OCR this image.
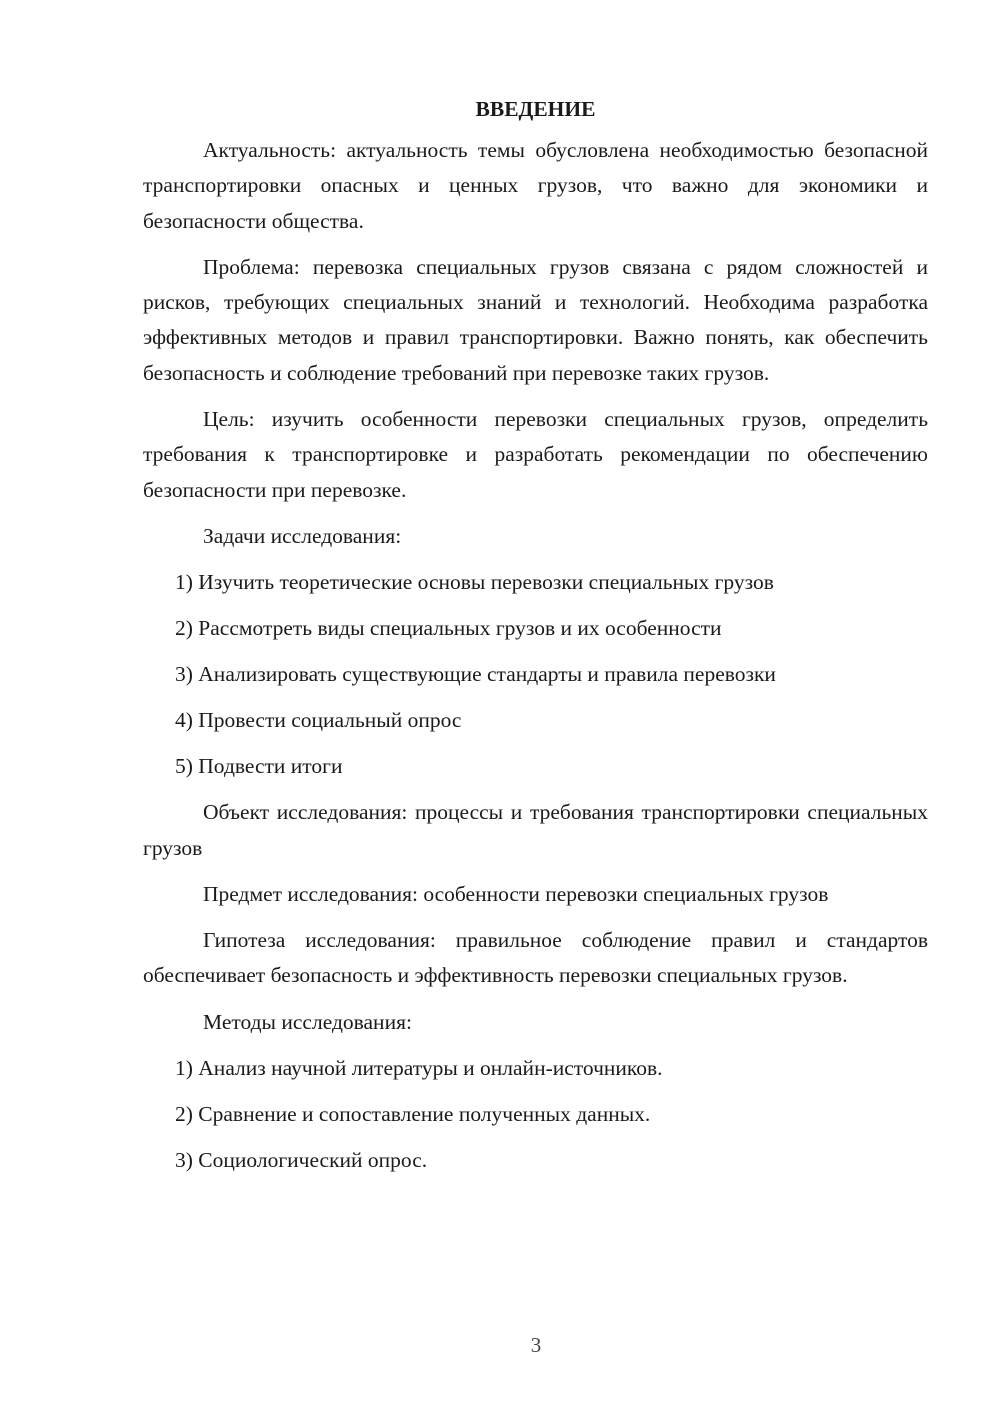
ВВЕДЕНИЕ

Актуальность: актуальность темы обусловлена необходимостью безопасной транспортировки опасных и ценных грузов, что важно для экономики и безопасности общества.

Проблема: перевозка специальных грузов связана с рядом сложностей и рисков, требующих специальных знаний и технологий. Необходима разработка эффективных методов и правил транспортировки. Важно понять, как обеспечить безопасность и соблюдение требований при перевозке таких грузов.

Цель: изучить особенности перевозки специальных грузов, определить требования к транспортировке и разработать рекомендации по обеспечению безопасности при перевозке.

Задачи исследования:

1) Изучить теоретические основы перевозки специальных грузов

2) Рассмотреть виды специальных грузов и их особенности

3) Анализировать существующие стандарты и правила перевозки

4) Провести социальный опрос

5) Подвести итоги

Объект исследования: процессы и требования транспортировки специальных грузов

Предмет исследования: особенности перевозки специальных грузов

Гипотеза исследования: правильное соблюдение правил и стандартов обеспечивает безопасность и эффективность перевозки специальных грузов.

Методы исследования:

1) Анализ научной литературы и онлайн-источников.

2) Сравнение и сопоставление полученных данных.

3) Социологический опрос.

3
